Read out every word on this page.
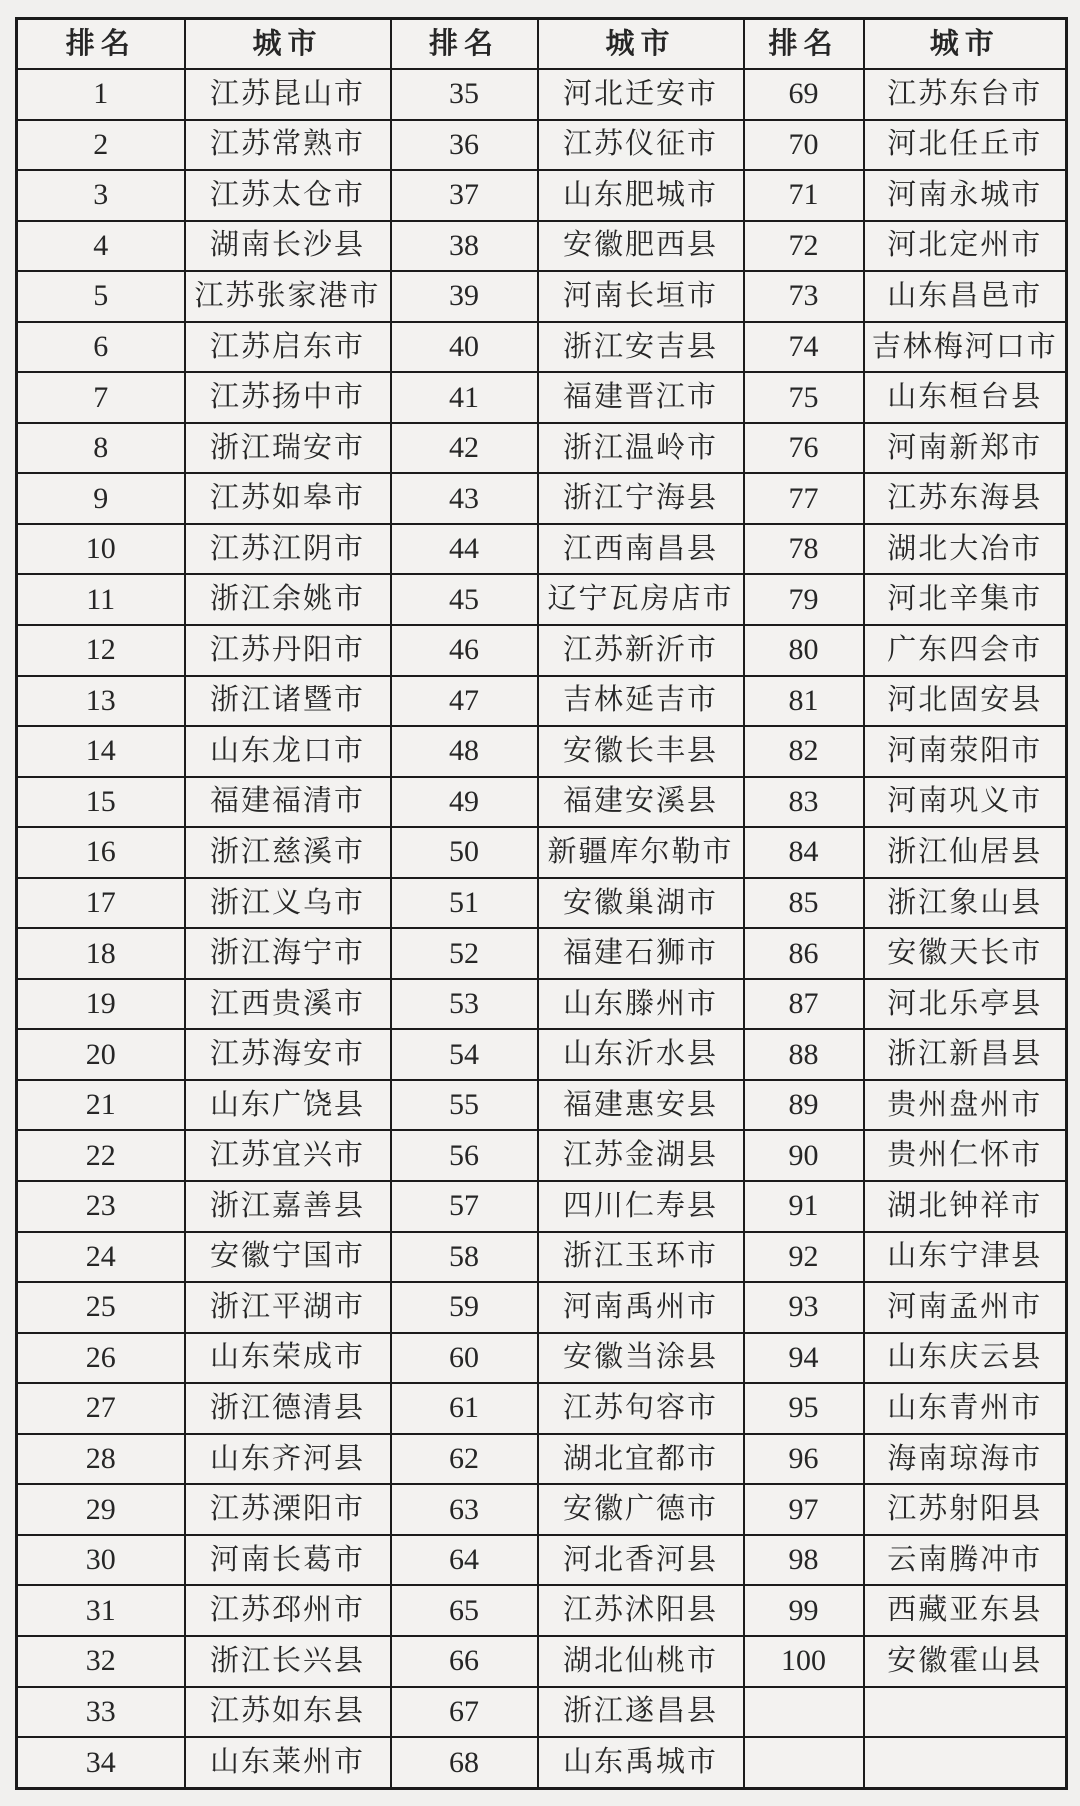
排名	城市	排名	城市	排名	城市
1	江苏昆山市	35	河北迁安市	69	江苏东台市
2	江苏常熟市	36	江苏仪征市	70	河北任丘市
3	江苏太仓市	37	山东肥城市	71	河南永城市
4	湖南长沙县	38	安徽肥西县	72	河北定州市
5	江苏张家港市	39	河南长垣市	73	山东昌邑市
6	江苏启东市	40	浙江安吉县	74	吉林梅河口市
7	江苏扬中市	41	福建晋江市	75	山东桓台县
8	浙江瑞安市	42	浙江温岭市	76	河南新郑市
9	江苏如皋市	43	浙江宁海县	77	江苏东海县
10	江苏江阴市	44	江西南昌县	78	湖北大冶市
11	浙江余姚市	45	辽宁瓦房店市	79	河北辛集市
12	江苏丹阳市	46	江苏新沂市	80	广东四会市
13	浙江诸暨市	47	吉林延吉市	81	河北固安县
14	山东龙口市	48	安徽长丰县	82	河南荥阳市
15	福建福清市	49	福建安溪县	83	河南巩义市
16	浙江慈溪市	50	新疆库尔勒市	84	浙江仙居县
17	浙江义乌市	51	安徽巢湖市	85	浙江象山县
18	浙江海宁市	52	福建石狮市	86	安徽天长市
19	江西贵溪市	53	山东滕州市	87	河北乐亭县
20	江苏海安市	54	山东沂水县	88	浙江新昌县
21	山东广饶县	55	福建惠安县	89	贵州盘州市
22	江苏宜兴市	56	江苏金湖县	90	贵州仁怀市
23	浙江嘉善县	57	四川仁寿县	91	湖北钟祥市
24	安徽宁国市	58	浙江玉环市	92	山东宁津县
25	浙江平湖市	59	河南禹州市	93	河南孟州市
26	山东荣成市	60	安徽当涂县	94	山东庆云县
27	浙江德清县	61	江苏句容市	95	山东青州市
28	山东齐河县	62	湖北宜都市	96	海南琼海市
29	江苏溧阳市	63	安徽广德市	97	江苏射阳县
30	河南长葛市	64	河北香河县	98	云南腾冲市
31	江苏邳州市	65	江苏沭阳县	99	西藏亚东县
32	浙江长兴县	66	湖北仙桃市	100	安徽霍山县
33	江苏如东县	67	浙江遂昌县		
34	山东莱州市	68	山东禹城市		
